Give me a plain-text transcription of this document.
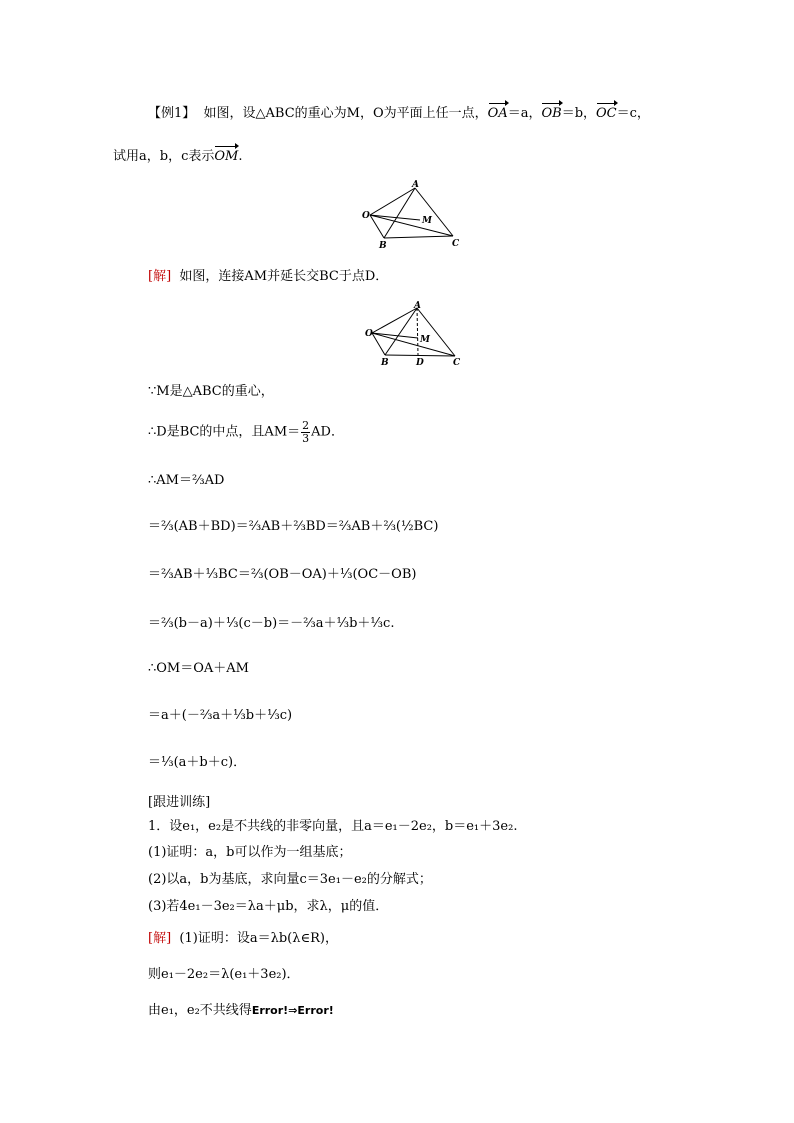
【例1】 如图，设△ABC的重心为M，O为平面上任一点，OA＝a，OB＝b，OC＝c，
试用a，b，c表示OM.
A
O	M
B	C
[解] 如图，连接AM并延长交BC于点D．
A
O
M
B	D	C
∵M是△ABC的重心，
∴D是BC的中点，且$AM= \frac{2}{3}$ AD．
∴AM＝⅔AD
＝⅔(AB＋BD)＝⅔AB＋⅔BD＝⅔AB＋⅔(½BC)
＝⅔AB＋⅓BC＝⅔(OB－OA)＋⅓(OC－OB)
＝⅔(b－a)＋⅓(c－b)＝－⅔a＋⅓b＋⅓c.
∴OM＝OA＋AM
＝a＋(－⅔a＋⅓b＋⅓c)
＝⅓(a＋b＋c)．
[跟进训练]
1．设e₁，e₂是不共线的非零向量，且a＝e₁－2e₂，b＝e₁＋3e₂.
(1)证明：a，b可以作为一组基底；
(2)以a，b为基底，求向量c＝3e₁－e₂的分解式；
(3)若4e₁－3e₂＝λa＋μb，求λ，μ的值．
[解] (1)证明：设a＝λb(λ∈R)，
则e₁－2e₂＝λ(e₁＋3e₂)．
由e₁，e₂不共线得Error!⇒Error!
